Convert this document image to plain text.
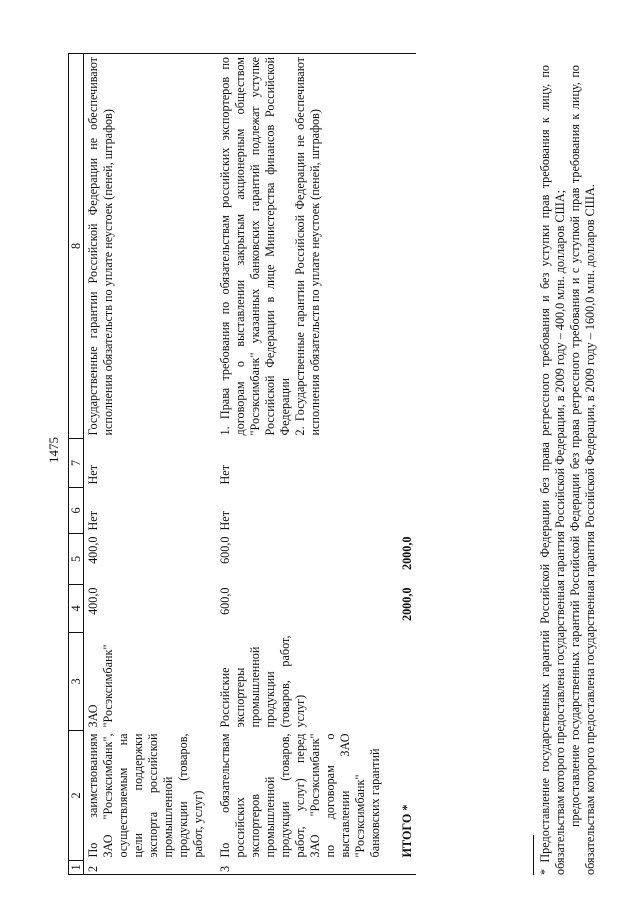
1475
1	2	3	4	5	6	7	8
2	По заимствованиям ЗАО "Росэксимбанк", осуществляемым на цели поддержки экспорта российской промышленной продукции (товаров, работ, услуг)	ЗАО "Росэксимбанк"	400,0	400,0	Нет	Нет	Государственные гарантии Российской Федерации не обеспечивают исполнения обязательств по уплате неустоек (пеней, штрафов)
3	По обязательствам российских экспортеров промышленной продукции (товаров, работ, услуг) перед ЗАО "Росэксимбанк" по договорам о выставлении ЗАО "Росэксимбанк" банковских гарантий	Российские экспортеры промышленной продукции (товаров, работ, услуг)	600,0	600,0	Нет	Нет	1. Права требования по обязательствам российских экспортеров по договорам о выставлении закрытым акционерным обществом "Росэксимбанк" указанных банковских гарантий подлежат уступке Российской Федерации в лице Министерства финансов Российской Федерации 2. Государственные гарантии Российской Федерации не обеспечивают исполнения обязательств по уплате неустоек (пеней, штрафов)

	ИТОГО *		2000,0	2000,0				* Предоставление государственных гарантий Российской Федерации без права регрессного требования и без уступки прав требования к лицу, по обязательствам которого предоставлена государственная гарантия Российской Федерации, в 2009 году – 400,0 млн. долларов США; предоставление государственных гарантий Российской Федерации без права регрессного требования и с уступкой прав требования к лицу, по обязательствам которого предоставлена государственная гарантия Российской Федерации, в 2009 году – 1600,0 млн. долларов США.
